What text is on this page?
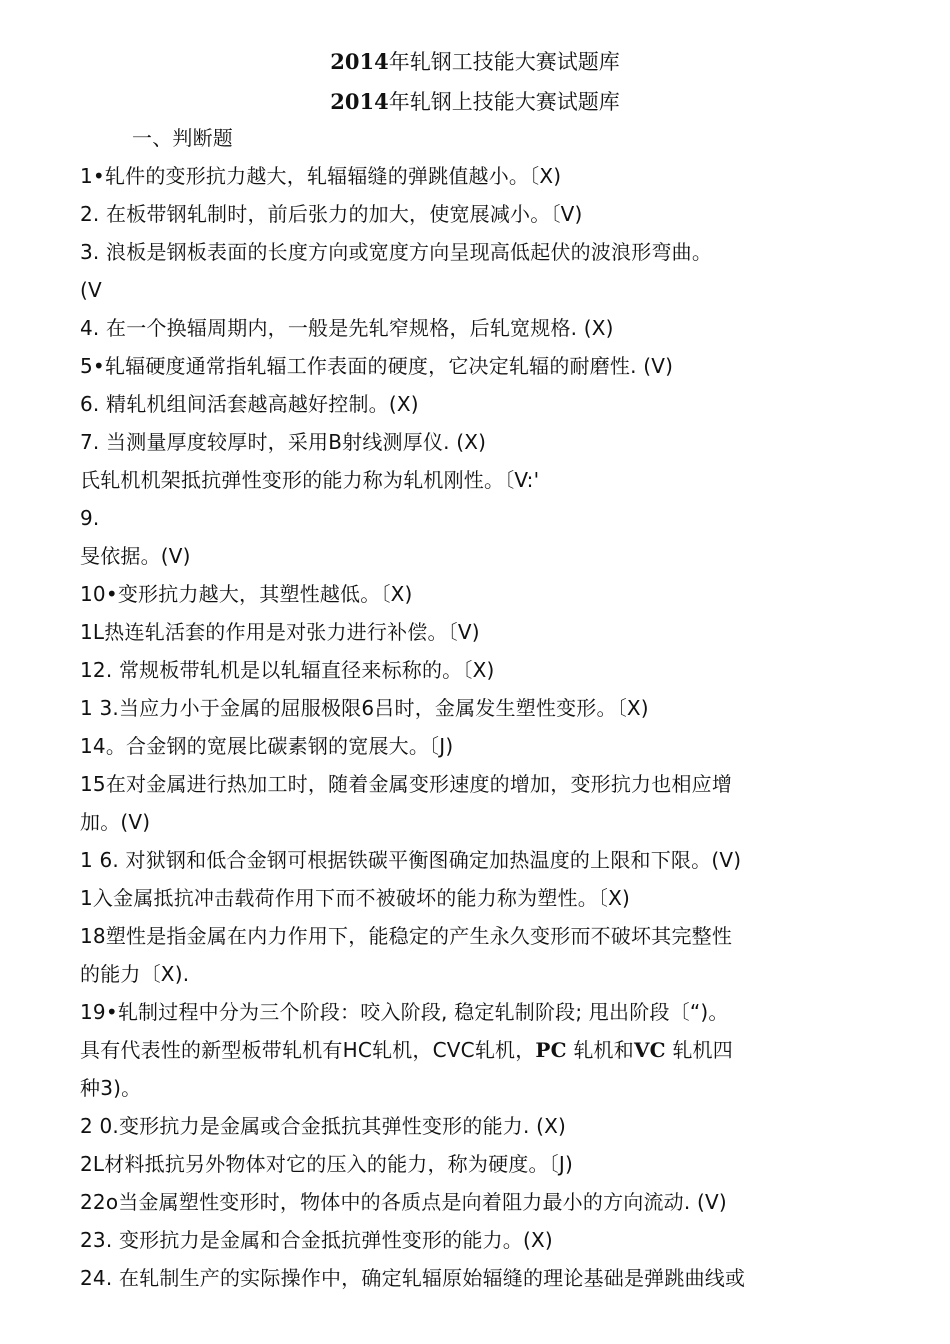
2014年轧钢工技能大赛试题库
2014年轧钢上技能大赛试题库
一、判断题
1•轧件的变形抗力越大，轧辐辐缝的弹跳值越小。〔X)
2. 在板带钢轧制时，前后张力的加大，使宽展减小。〔V)
3. 浪板是钢板表面的长度方向或宽度方向呈现高低起伏的波浪形弯曲。
(V
4. 在一个换辐周期内，一般是先轧窄规格，后轧宽规格. (X)
5•轧辐硬度通常指轧辐工作表面的硬度，它决定轧辐的耐磨性. (V)
6. 精轧机组间活套越高越好控制。(X)
7. 当测量厚度较厚时，采用B射线测厚仪. (X)
氏轧机机架抵抗弹性变形的能力称为轧机刚性。〔V:'
9.
旻依据。(V)
10•变形抗力越大，其塑性越低。〔X)
1L热连轧活套的作用是对张力进行补偿。〔V)
12. 常规板带轧机是以轧辐直径来标称的。〔X)
1 3.当应力小于金属的屈服极限6吕时，金属发生塑性变形。〔X)
14。合金钢的宽展比碳素钢的宽展大。〔J)
15在对金属进行热加工时，随着金属变形速度的增加，变形抗力也相应增
加。(V)
1 6. 对狱钢和低合金钢可根据铁碳平衡图确定加热温度的上限和下限。(V)
1入金属抵抗冲击载荷作用下而不被破坏的能力称为塑性。〔X)
18塑性是指金属在内力作用下，能稳定的产生永久变形而不破坏其完整性
的能力〔X).
19•轧制过程中分为三个阶段：咬入阶段, 稳定轧制阶段; 甩出阶段〔“)。
具有代表性的新型板带轧机有HC轧机，CVC轧机，PC 轧机和VC 轧机四
种3)。
2 0.变形抗力是金属或合金抵抗其弹性变形的能力. (X)
2L材料抵抗另外物体对它的压入的能力，称为硬度。〔J)
22o当金属塑性变形时，物体中的各质点是向着阻力最小的方向流动. (V)
23. 变形抗力是金属和合金抵抗弹性变形的能力。(X)
24. 在轧制生产的实际操作中，确定轧辐原始辐缝的理论基础是弹跳曲线或
